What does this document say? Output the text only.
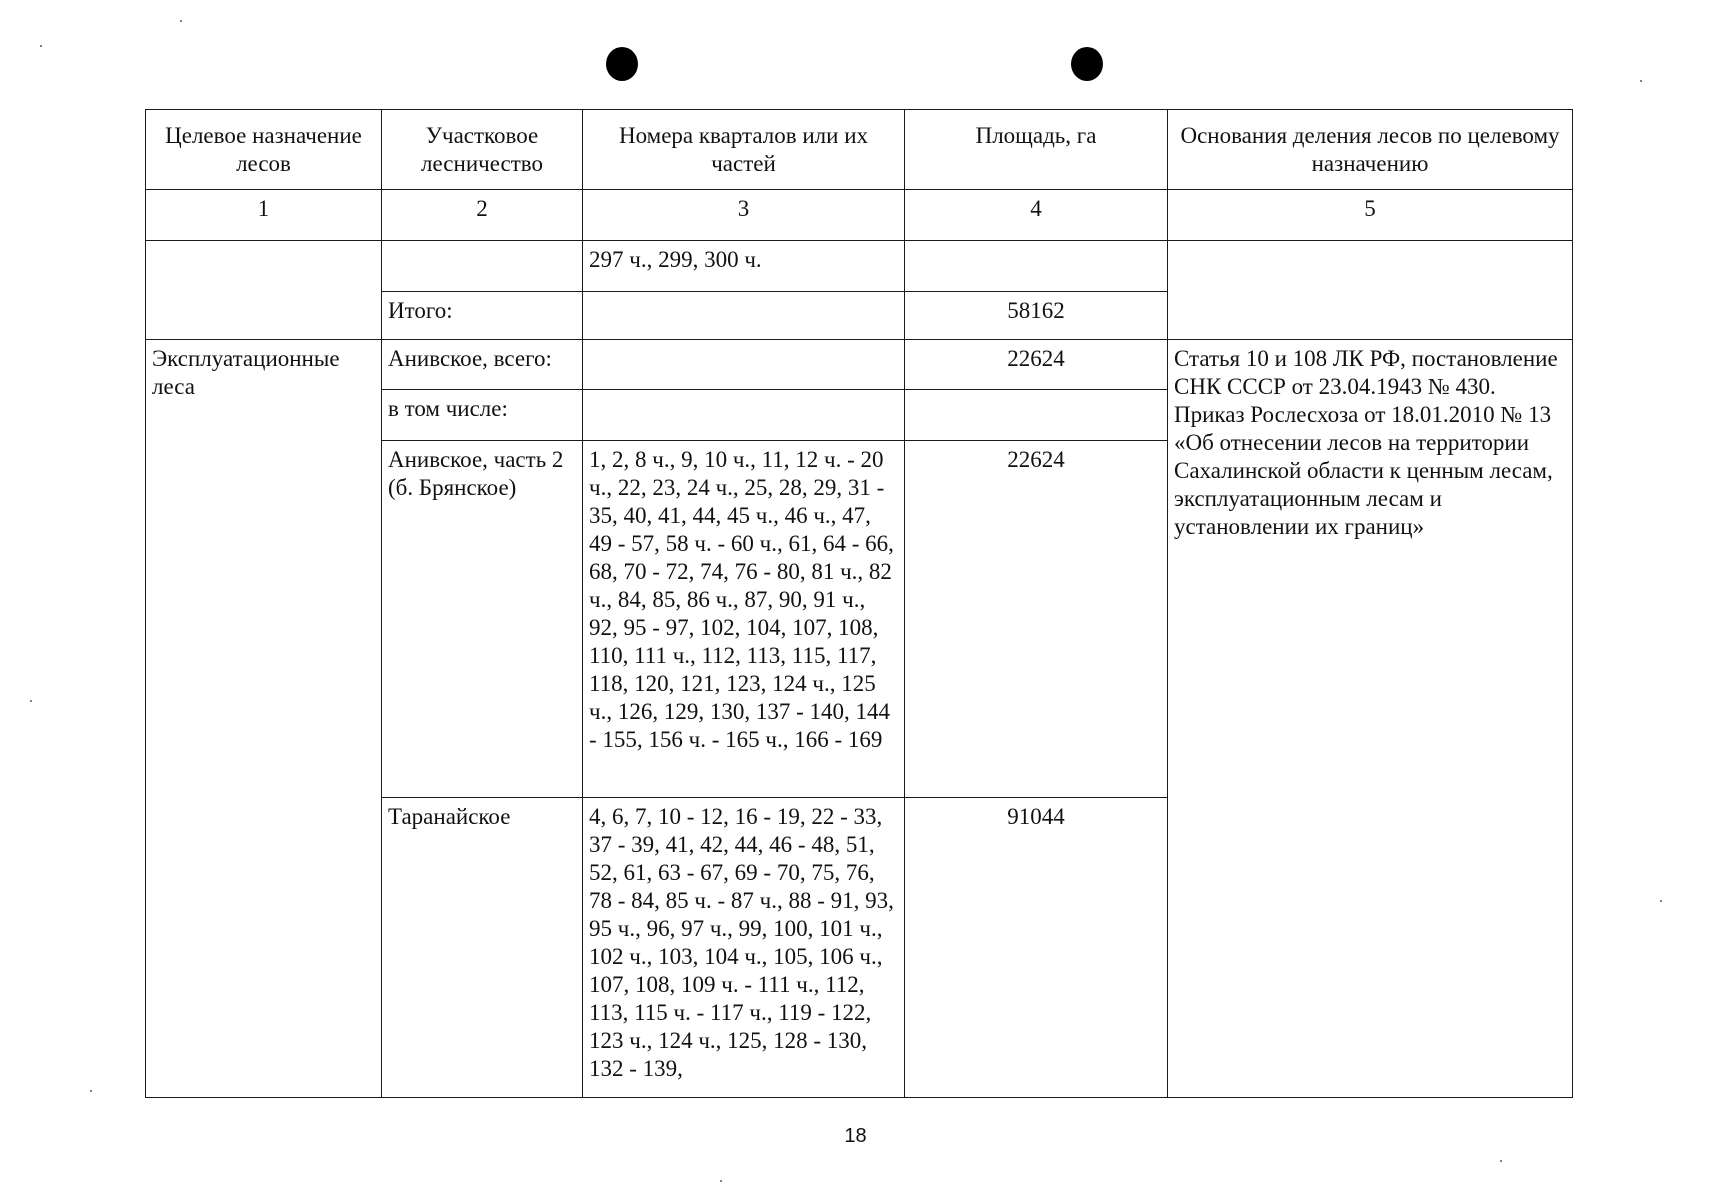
Целевое назначение лесов	Участковое лесничество	Номера кварталов или их частей	Площадь, га	Основания деления лесов по целевому назначению
1	2	3	4	5
		297 ч., 299, 300 ч.		
	Итого:		58162	
Эксплуатационные леса	Анивское, всего:		22624	Статья 10 и 108 ЛК РФ, постановление СНК СССР от 23.04.1943 № 430. Приказ Рослесхоза от 18.01.2010 № 13 «Об отнесении лесов на территории Сахалинской области к ценным лесам, эксплуатационным лесам и установлении их границ»
	в том числе:			
	Анивское, часть 2 (б. Брянское)	1, 2, 8 ч., 9, 10 ч., 11, 12 ч. - 20 ч., 22, 23, 24 ч., 25, 28, 29, 31 - 35, 40, 41, 44, 45 ч., 46 ч., 47, 49 - 57, 58 ч. - 60 ч., 61, 64 - 66, 68, 70 - 72, 74, 76 - 80, 81 ч., 82 ч., 84, 85, 86 ч., 87, 90, 91 ч., 92, 95 - 97, 102, 104, 107, 108, 110, 111 ч., 112, 113, 115, 117, 118, 120, 121, 123, 124 ч., 125 ч., 126, 129, 130, 137 - 140, 144 - 155, 156 ч. - 165 ч., 166 - 169	22624	
	Таранайское	4, 6, 7, 10 - 12, 16 - 19, 22 - 33, 37 - 39, 41, 42, 44, 46 - 48, 51, 52, 61, 63 - 67, 69 - 70, 75, 76, 78 - 84, 85 ч. - 87 ч., 88 - 91, 93, 95 ч., 96, 97 ч., 99, 100, 101 ч., 102 ч., 103, 104 ч., 105, 106 ч., 107, 108, 109 ч. - 111 ч., 112, 113, 115 ч. - 117 ч., 119 - 122, 123 ч., 124 ч., 125, 128 - 130, 132 - 139,	91044	
18
